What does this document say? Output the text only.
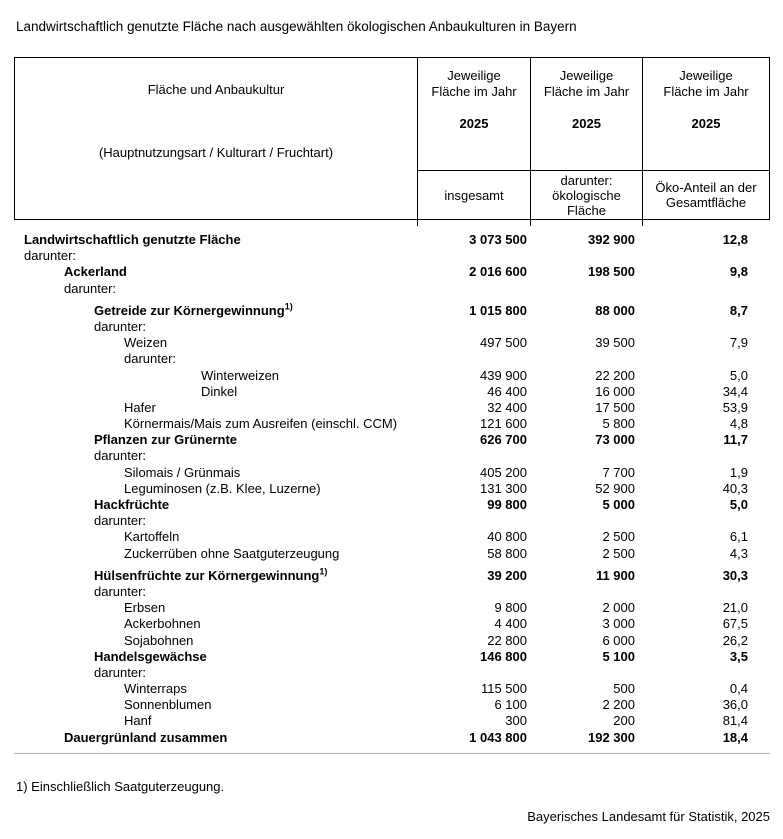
Landwirtschaftlich genutzte Fläche nach ausgewählten ökologischen Anbaukulturen in Bayern
Fläche und Anbaukultur
(Hauptnutzungsart / Kulturart / Fruchtart)
Jeweilige Fläche im Jahr
2025
Jeweilige Fläche im Jahr
2025
Jeweilige Fläche im Jahr
2025
insgesamt
darunter: ökologische Fläche
Öko-Anteil an der Gesamtfläche
Landwirtschaftlich genutzte Fläche	3 073 500	392 900	12,8
darunter:
Ackerland	2 016 600	198 500	9,8
darunter:
Getreide zur Körnergewinnung$^{1)}$	1 015 800	88 000	8,7
darunter:
Weizen	497 500	39 500	7,9
darunter:
Winterweizen	439 900	22 200	5,0
Dinkel	46 400	16 000	34,4
Hafer	32 400	17 500	53,9
Körnermais/Mais zum Ausreifen (einschl. CCM)	121 600	5 800	4,8
Pflanzen zur Grünernte	626 700	73 000	11,7
darunter:
Silomais / Grünmais	405 200	7 700	1,9
Leguminosen (z.B. Klee, Luzerne)	131 300	52 900	40,3
Hackfrüchte	99 800	5 000	5,0
darunter:
Kartoffeln	40 800	2 500	6,1
Zuckerrüben ohne Saatguterzeugung	58 800	2 500	4,3
Hülsenfrüchte zur Körnergewinnung$^{1)}$	39 200	11 900	30,3
darunter:
Erbsen	9 800	2 000	21,0
Ackerbohnen	4 400	3 000	67,5
Sojabohnen	22 800	6 000	26,2
Handelsgewächse	146 800	5 100	3,5
darunter:
Winterraps	115 500	500	0,4
Sonnenblumen	6 100	2 200	36,0
Hanf	300	200	81,4
Dauergrünland zusammen	1 043 800	192 300	18,4
1) Einschließlich Saatguterzeugung.
Bayerisches Landesamt für Statistik, 2025
